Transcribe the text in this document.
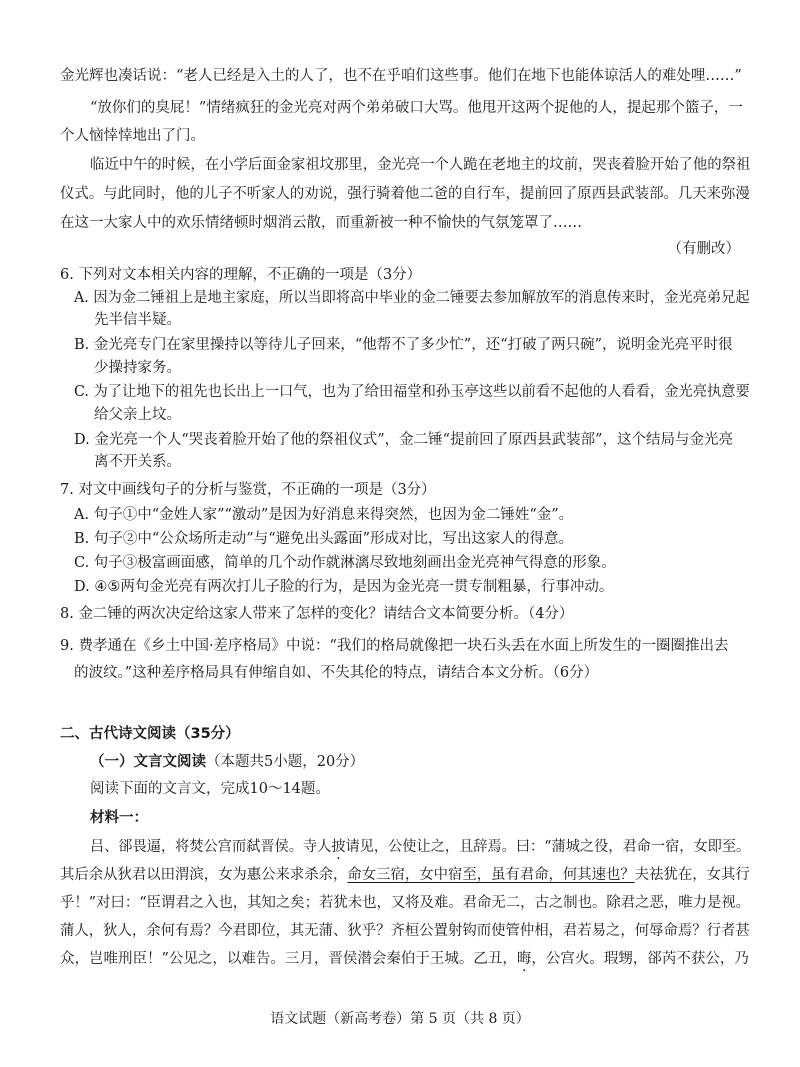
金光辉也凑话说：“老人已经是入土的人了，也不在乎咱们这些事。他们在地下也能体谅活人的难处哩……”
“放你们的臭屁！”情绪疯狂的金光亮对两个弟弟破口大骂。他甩开这两个捉他的人，提起那个篮子，一
个人恼悻悻地出了门。
临近中午的时候，在小学后面金家祖坟那里，金光亮一个人跪在老地主的坟前，哭丧着脸开始了他的祭祖
仪式。与此同时，他的儿子不听家人的劝说，强行骑着他二爸的自行车，提前回了原西县武装部。几天来弥漫
在这一大家人中的欢乐情绪顿时烟消云散，而重新被一种不愉快的气氛笼罩了……
（有删改）
6. 下列对文本相关内容的理解，不正确的一项是（3分）
A. 因为金二锤祖上是地主家庭，所以当即将高中毕业的金二锤要去参加解放军的消息传来时，金光亮弟兄起
先半信半疑。
B. 金光亮专门在家里操持以等待儿子回来，“他帮不了多少忙”，还“打破了两只碗”，说明金光亮平时很
少操持家务。
C. 为了让地下的祖先也长出上一口气，也为了给田福堂和孙玉亭这些以前看不起他的人看看，金光亮执意要
给父亲上坟。
D. 金光亮一个人“哭丧着脸开始了他的祭祖仪式”，金二锤“提前回了原西县武装部”，这个结局与金光亮
离不开关系。
7. 对文中画线句子的分析与鉴赏，不正确的一项是（3分）
A. 句子①中“金姓人家”“激动”是因为好消息来得突然，也因为金二锤姓“金”。
B. 句子②中“公众场所走动”与“避免出头露面”形成对比，写出这家人的得意。
C. 句子③极富画面感，简单的几个动作就淋漓尽致地刻画出金光亮神气得意的形象。
D. ④⑤两句金光亮有两次打儿子脸的行为，是因为金光亮一贯专制粗暴，行事冲动。
8. 金二锤的两次决定给这家人带来了怎样的变化？请结合文本简要分析。（4分）
9. 费孝通在《乡土中国·差序格局》中说：“我们的格局就像把一块石头丢在水面上所发生的一圈圈推出去
的波纹。”这种差序格局具有伸缩自如、不失其伦的特点，请结合本文分析。（6分）
二、古代诗文阅读（35分）
（一）文言文阅读（本题共5小题，20分）
阅读下面的文言文，完成10～14题。
材料一：
吕、郤畏逼，将焚公宫而弑晋侯。寺人披请见，公使让之，且辞焉。曰：“蒲城之役，君命一宿，女即至。
其后余从狄君以田渭滨，女为惠公来求杀余，命女三宿，女中宿至，虽有君命，何其速也？夫祛犹在，女其行
乎！”对曰：“臣谓君之入也，其知之矣；若犹未也，又将及难。君命无二，古之制也。除君之恶，唯力是视。
蒲人，狄人，余何有焉？今君即位，其无蒲、狄乎？齐桓公置射钩而使管仲相，君若易之，何辱命焉？行者甚
众，岂唯刑臣！”公见之，以难告。三月，晋侯潜会秦伯于王城。乙丑，晦，公宫火。瑕甥，郤芮不获公，乃
语文试题（新高考卷）第 5 页（共 8 页）
